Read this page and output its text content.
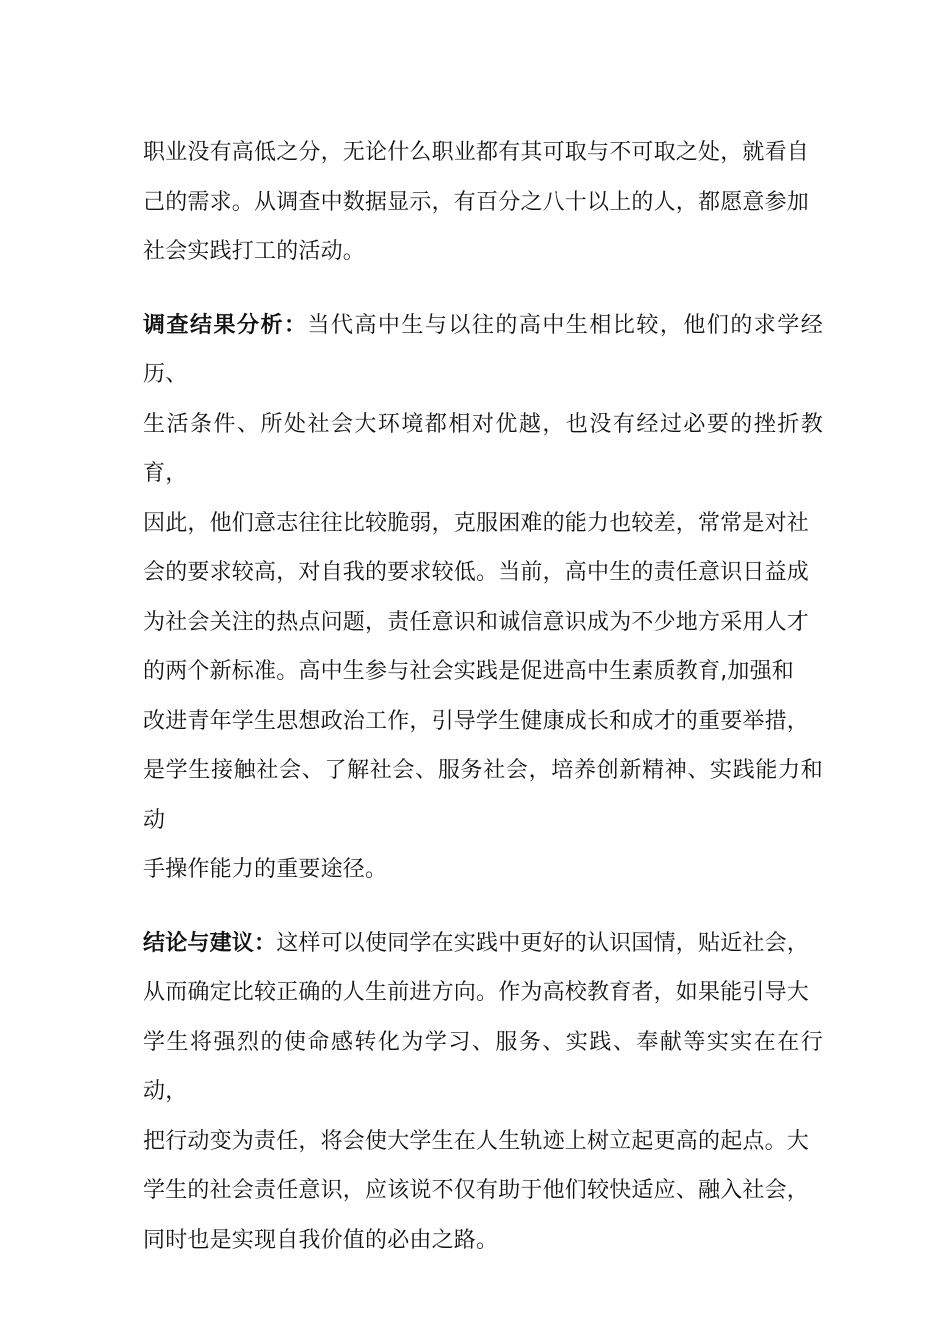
职业没有高低之分，无论什么职业都有其可取与不可取之处，就看自
己的需求。从调查中数据显示，有百分之八十以上的人，都愿意参加
社会实践打工的活动。

调查结果分析：当代高中生与以往的高中生相比较，他们的求学经历、
生活条件、所处社会大环境都相对优越，也没有经过必要的挫折教育，
因此，他们意志往往比较脆弱，克服困难的能力也较差，常常是对社
会的要求较高，对自我的要求较低。当前，高中生的责任意识日益成
为社会关注的热点问题，责任意识和诚信意识成为不少地方采用人才
的两个新标准。高中生参与社会实践是促进高中生素质教育,加强和
改进青年学生思想政治工作，引导学生健康成长和成才的重要举措，
是学生接触社会、了解社会、服务社会，培养创新精神、实践能力和动
手操作能力的重要途径。

结论与建议：这样可以使同学在实践中更好的认识国情，贴近社会，
从而确定比较正确的人生前进方向。作为高校教育者，如果能引导大
学生将强烈的使命感转化为学习、服务、实践、奉献等实实在在行动，
把行动变为责任，将会使大学生在人生轨迹上树立起更高的起点。大
学生的社会责任意识，应该说不仅有助于他们较快适应、融入社会，
同时也是实现自我价值的必由之路。
